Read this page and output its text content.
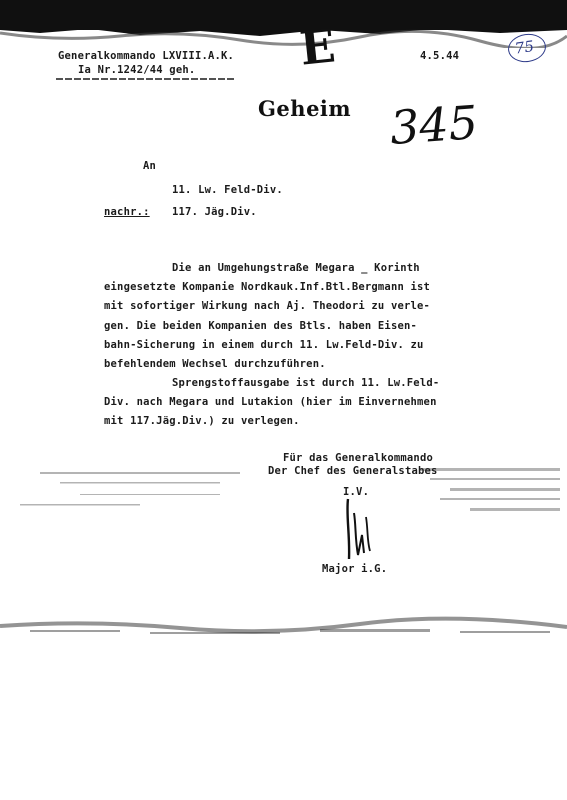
Generalkommando LXVIII.A.K.
Ia Nr.1242/44 geh.
4.5.44
E	75
Geheim 345
An
11. Lw. Feld-Div.
nachr.: 117. Jäg.Div.
Die an Umgehungstraße Megara _ Korinth
eingesetzte Kompanie Nordkauk.Inf.Btl.Bergmann ist
mit sofortiger Wirkung nach Aj. Theodori zu verle-
gen. Die beiden Kompanien des Btls. haben Eisen-
bahn-Sicherung in einem durch 11. Lw.Feld-Div. zu
befehlendem Wechsel durchzuführen.
Sprengstoffausgabe ist durch 11. Lw.Feld-
Div. nach Megara und Lutakion (hier im Einvernehmen
mit 117.Jäg.Div.) zu verlegen.
Für das Generalkommando
Der Chef des Generalstabes
I.V.
Major i.G.
